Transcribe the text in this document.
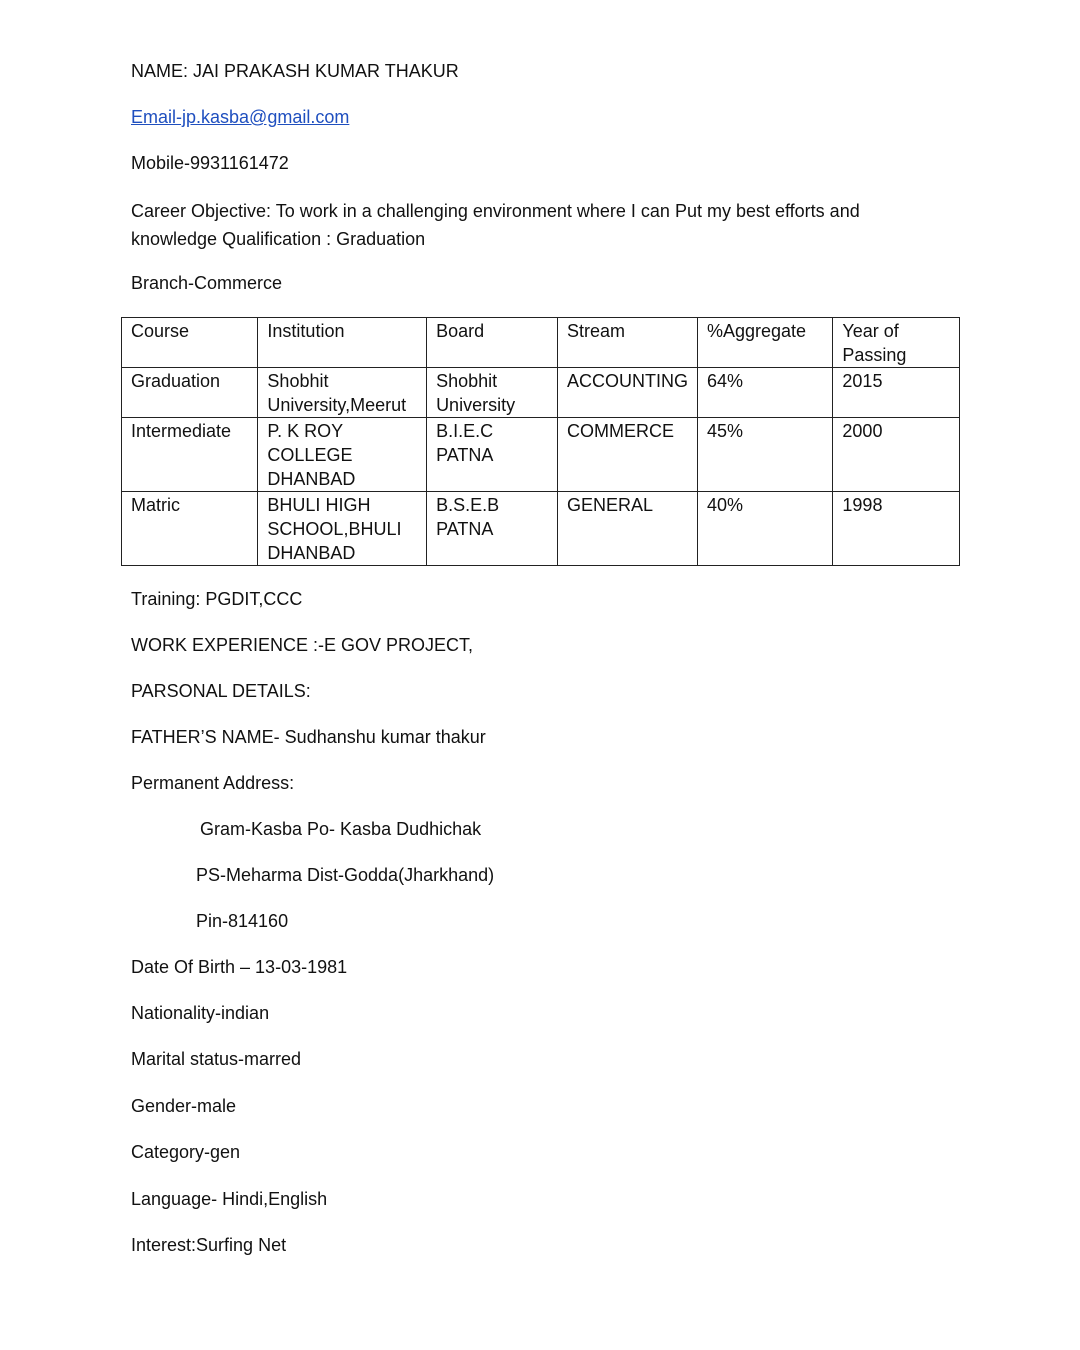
NAME: JAI PRAKASH KUMAR THAKUR
Email-jp.kasba@gmail.com
Mobile-9931161472
Career Objective: To work in a challenging environment where I can Put my best efforts and knowledge Qualification : Graduation
Branch-Commerce
Course	Institution	Board	Stream	%Aggregate	Year of Passing
Graduation	Shobhit University,Meerut	Shobhit University	ACCOUNTING	64%	2015
Intermediate	P. K ROY COLLEGE DHANBAD	B.I.E.C PATNA	COMMERCE	45%	2000
Matric	BHULI HIGH SCHOOL,BHULI DHANBAD	B.S.E.B PATNA	GENERAL	40%	1998
Training: PGDIT,CCC
WORK EXPERIENCE :-E GOV PROJECT,
PARSONAL DETAILS:
FATHER’S NAME- Sudhanshu kumar thakur
Permanent Address:
Gram-Kasba Po- Kasba Dudhichak
PS-Meharma Dist-Godda(Jharkhand)
Pin-814160
Date Of Birth – 13-03-1981
Nationality-indian
Marital status-marred
Gender-male
Category-gen
Language- Hindi,English
Interest:Surfing Net
